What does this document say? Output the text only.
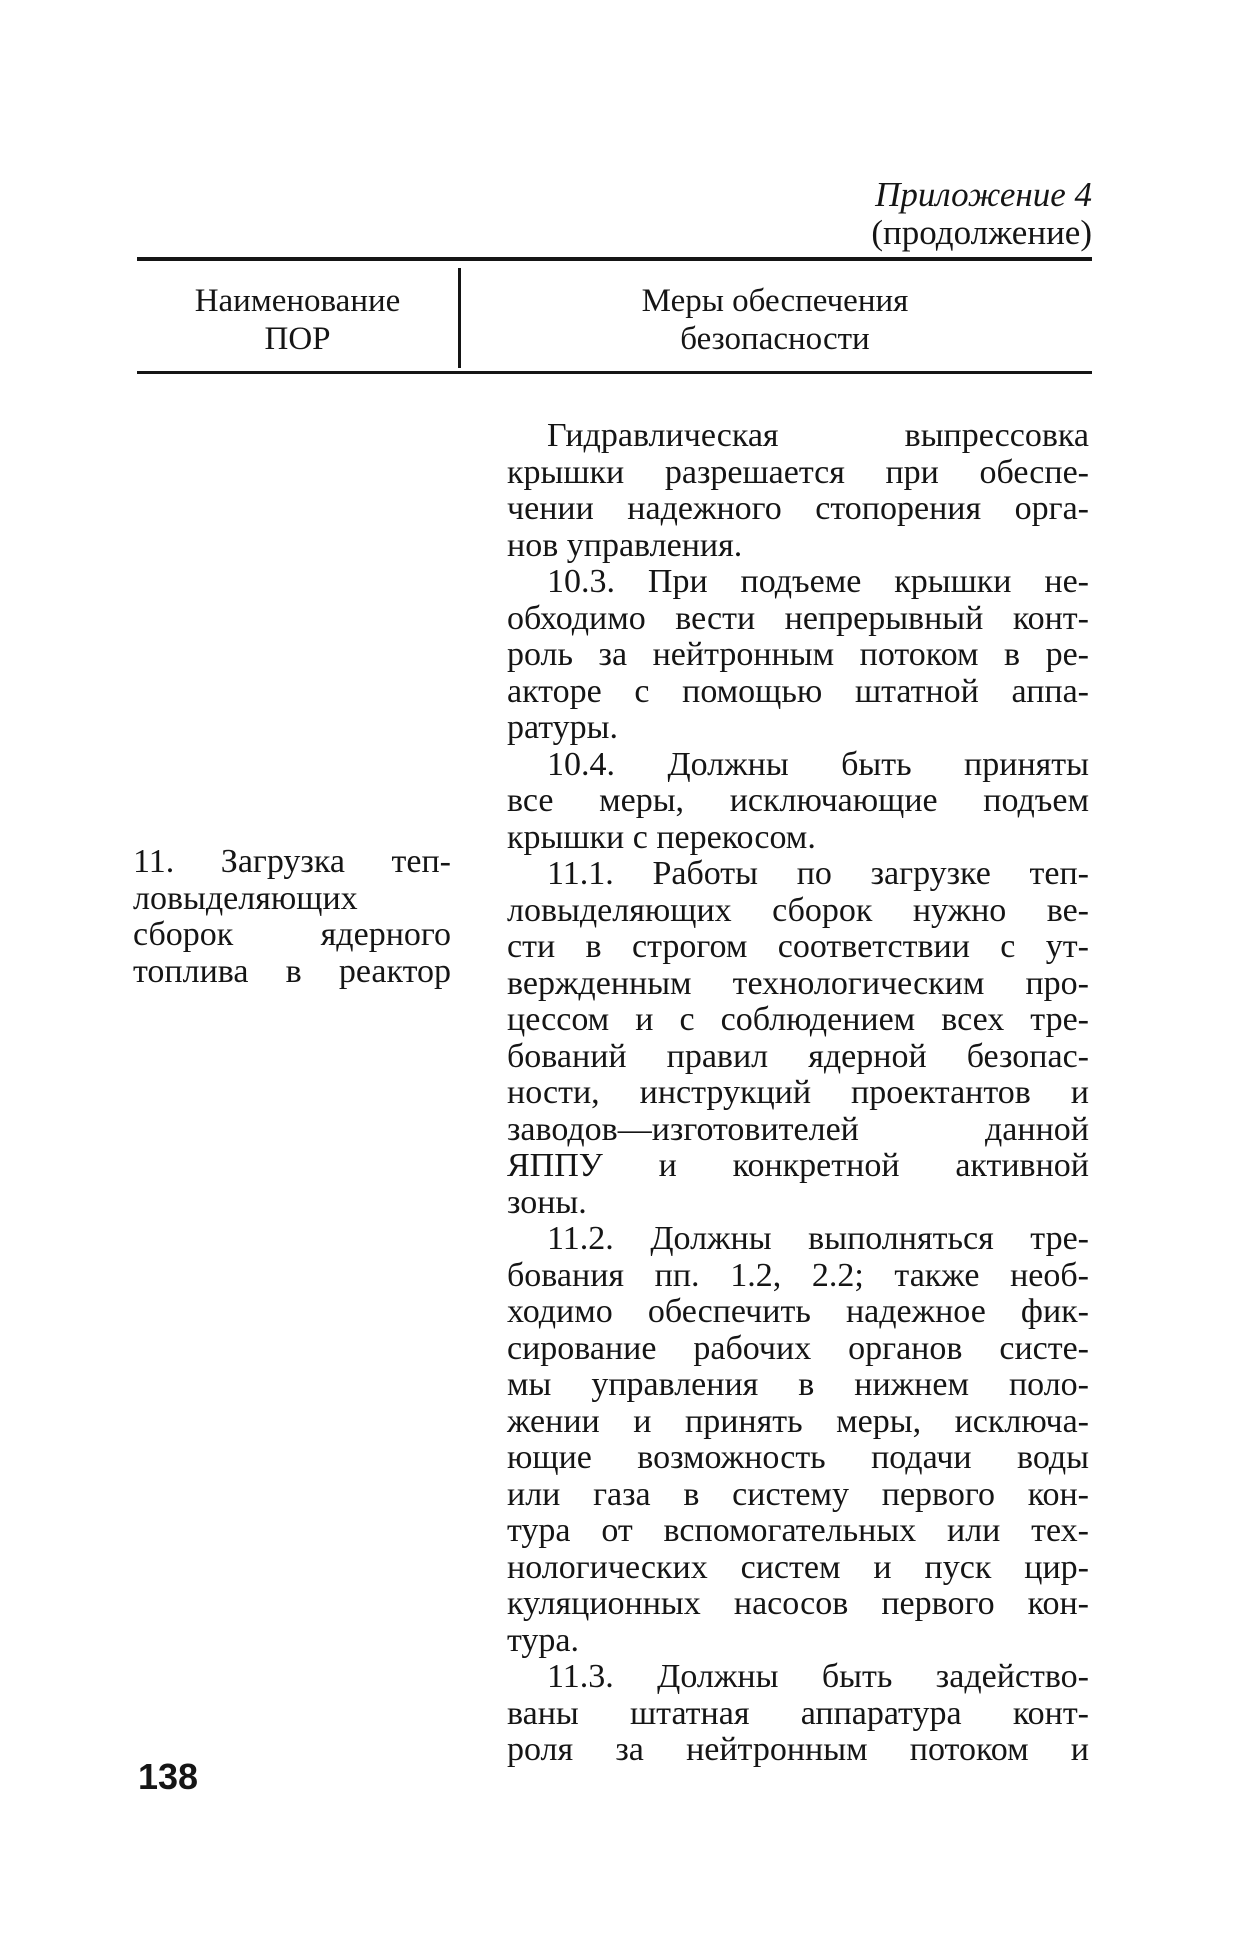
Приложение 4
(продолжение)
Наименование
ПОР
Меры обеспечения
безопасности
11. Загрузка теп-
ловыделяющих
сборок ядерного
топлива в реактор
Гидравлическая выпрессовка
крышки разрешается при обеспе-
чении надежного стопорения орга-
нов управления.
10.3. При подъеме крышки не-
обходимо вести непрерывный конт-
роль за нейтронным потоком в ре-
акторе с помощью штатной аппа-
ратуры.
10.4. Должны быть приняты
все меры, исключающие подъем
крышки с перекосом.
11.1. Работы по загрузке теп-
ловыделяющих сборок нужно ве-
сти в строгом соответствии с ут-
вержденным технологическим про-
цессом и с соблюдением всех тре-
бований правил ядерной безопас-
ности, инструкций проектантов и
заводов—изготовителей данной
ЯППУ и конкретной активной
зоны.
11.2. Должны выполняться тре-
бования пп. 1.2, 2.2; также необ-
ходимо обеспечить надежное фик-
сирование рабочих органов систе-
мы управления в нижнем поло-
жении и принять меры, исключа-
ющие возможность подачи воды
или газа в систему первого кон-
тура от вспомогательных или тех-
нологических систем и пуск цир-
куляционных насосов первого кон-
тура.
11.3. Должны быть задейство-
ваны штатная аппаратура конт-
роля за нейтронным потоком и
138
